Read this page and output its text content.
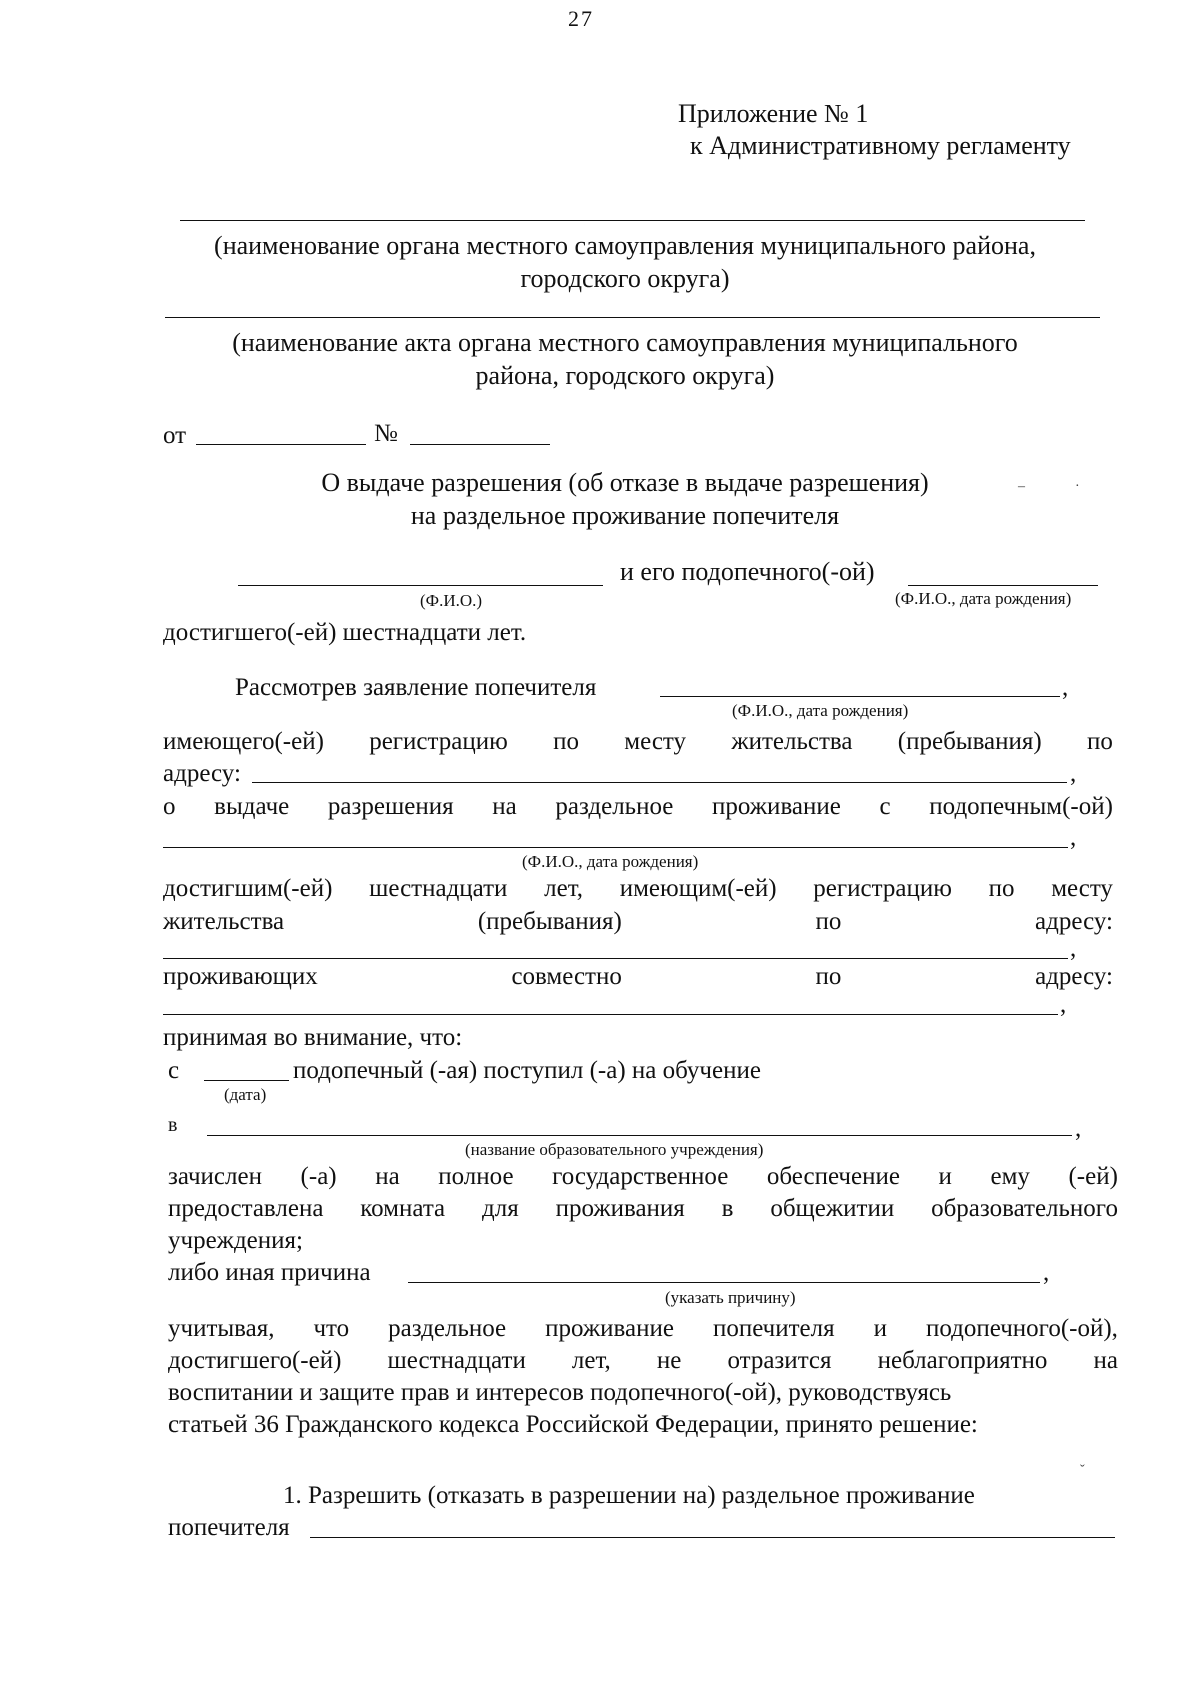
27
Приложение № 1
к Административному регламенту
(наименование органа местного самоуправления муниципального района,
городского округа)
(наименование акта органа местного самоуправления муниципального
района, городского округа)
от	№
О выдаче разрешения (об отказе в выдаче разрешения)
на раздельное проживание попечителя
–	·
и его подопечного(-ой)
(Ф.И.О.)	(Ф.И.О., дата рождения)
достигшего(-ей) шестнадцати лет.
Рассмотрев заявление попечителя	,
(Ф.И.О., дата рождения)
имеющего(-ей) регистрацию по месту жительства (пребывания) по
адресу:	,
о выдаче разрешения на раздельное проживание с подопечным(-ой)
,
(Ф.И.О., дата рождения)
достигшим(-ей) шестнадцати лет, имеющим(-ей) регистрацию по месту
жительства	(пребывания)	по	адресу:
,
проживающих	совместно	по	адресу:
,
принимая во внимание, что:
с	подопечный (-ая) поступил (-а) на обучение
(дата)
в	,
(название образовательного учреждения)
зачислен (-а) на полное государственное обеспечение и ему (-ей)
предоставлена комната для проживания в общежитии образовательного
учреждения;
либо иная причина	,
(указать причину)
учитывая, что раздельное проживание попечителя и подопечного(-ой),
достигшего(-ей) шестнадцати лет, не отразится неблагоприятно на
воспитании и защите прав и интересов подопечного(-ой), руководствуясь
статьей 36 Гражданского кодекса Российской Федерации, принято решение:
ˇ
1. Разрешить (отказать в разрешении на) раздельное проживание
попечителя
